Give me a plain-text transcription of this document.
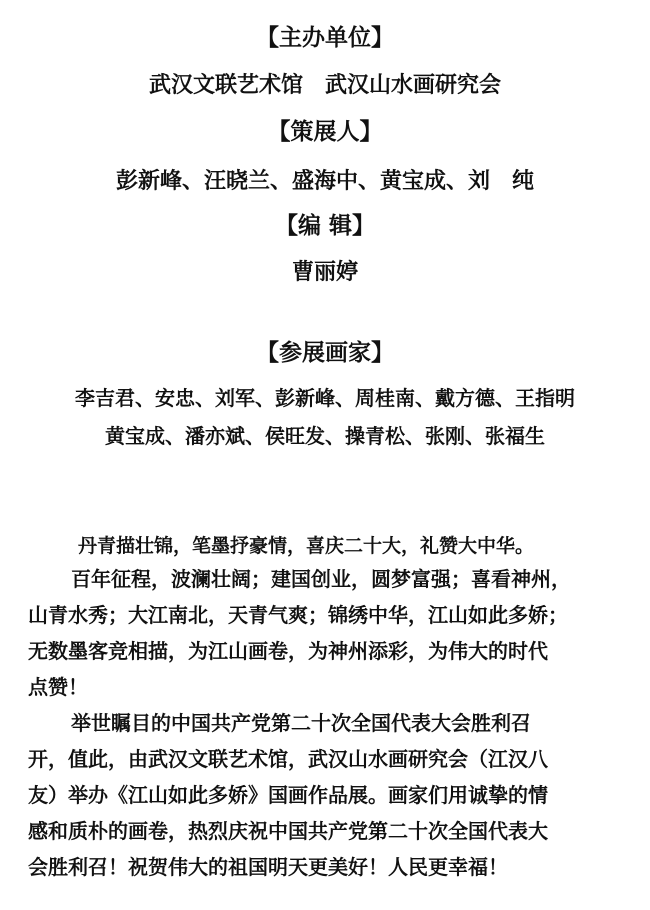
【主办单位】
武汉文联艺术馆　武汉山水画研究会
【策展人】
彭新峰、汪晓兰、盛海中、黄宝成、刘　纯
【编 辑】
曹丽婷
【参展画家】
李吉君、安忠、刘军、彭新峰、周桂南、戴方德、王指明
黄宝成、潘亦斌、侯旺发、操青松、张刚、张福生
丹青描壮锦，笔墨抒豪情，喜庆二十大，礼赞大中华。
百年征程，波澜壮阔；建国创业，圆梦富强；喜看神州，
山青水秀；大江南北，天青气爽；锦绣中华，江山如此多娇；
无数墨客竞相描，为江山画卷，为神州添彩，为伟大的时代
点赞！
举世瞩目的中国共产党第二十次全国代表大会胜利召
开，值此，由武汉文联艺术馆，武汉山水画研究会（江汉八
友）举办《江山如此多娇》国画作品展。画家们用诚挚的情
感和质朴的画卷，热烈庆祝中国共产党第二十次全国代表大
会胜利召！祝贺伟大的祖国明天更美好！人民更幸福！
